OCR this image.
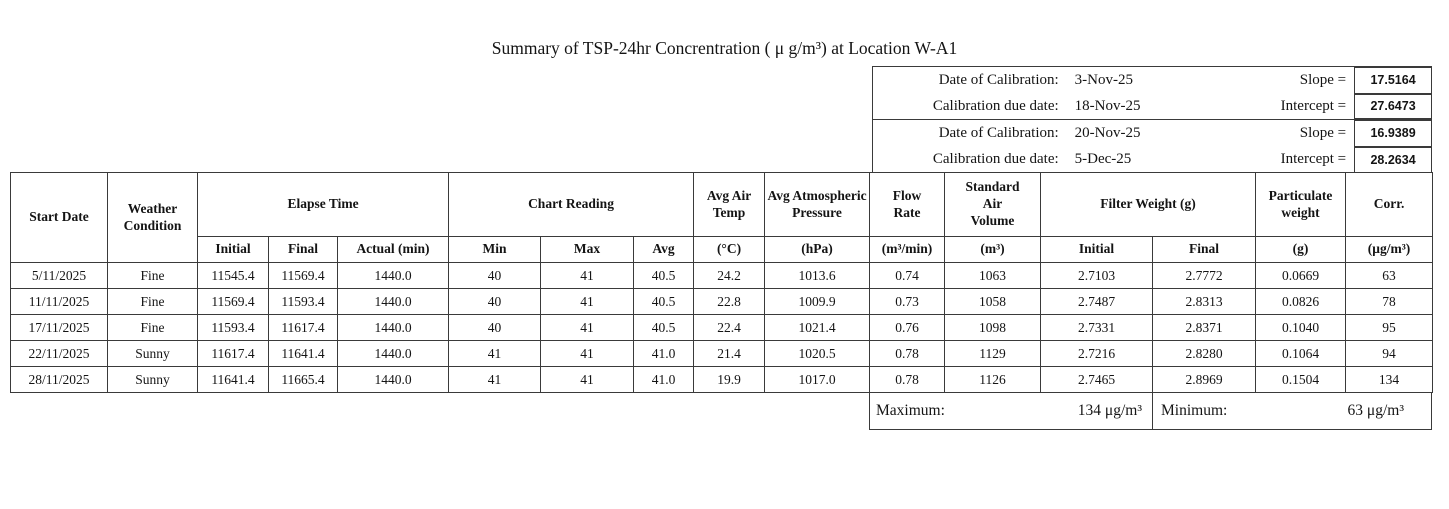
Summary of TSP-24hr Concrentration ( μ g/m³) at Location W-A1
Date of Calibration:	3-Nov-25	Slope =	17.5164
Calibration due date:	18-Nov-25	Intercept =	27.6473
Date of Calibration:	20-Nov-25	Slope =	16.9389
Calibration due date:	5-Dec-25	Intercept =	28.2634
Start Date	Weather Condition	Elapse Time			Chart Reading			Avg Air Temp	Avg Atmospheric Pressure	Flow Rate	Standard Air Volume	Filter Weight (g)		Particulate weight	Corr.
		Initial	Final	Actual (min)	Min	Max	Avg	(°C)	(hPa)	(m³/min)	(m³)	Initial	Final	(g)	(μg/m³)
5/11/2025	Fine	11545.4	11569.4	1440.0	40	41	40.5	24.2	1013.6	0.74	1063	2.7103	2.7772	0.0669	63
11/11/2025	Fine	11569.4	11593.4	1440.0	40	41	40.5	22.8	1009.9	0.73	1058	2.7487	2.8313	0.0826	78
17/11/2025	Fine	11593.4	11617.4	1440.0	40	41	40.5	22.4	1021.4	0.76	1098	2.7331	2.8371	0.1040	95
22/11/2025	Sunny	11617.4	11641.4	1440.0	41	41	41.0	21.4	1020.5	0.78	1129	2.7216	2.8280	0.1064	94
28/11/2025	Sunny	11641.4	11665.4	1440.0	41	41	41.0	19.9	1017.0	0.78	1126	2.7465	2.8969	0.1504	134
Maximum:	134 μg/m³ Minimum:	63 μg/m³
